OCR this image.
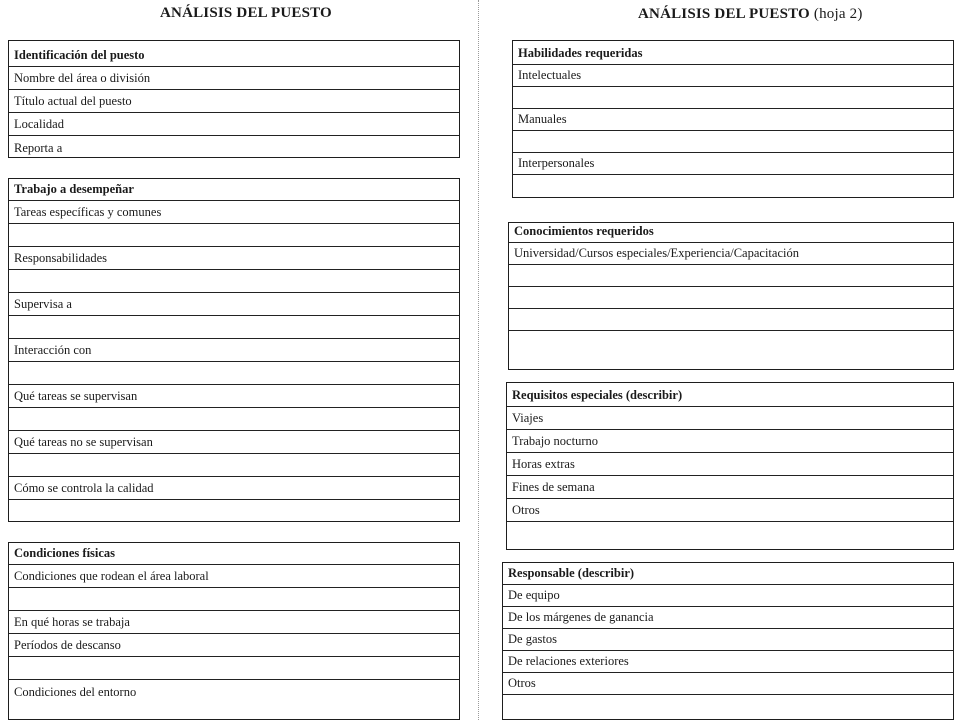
ANÁLISIS DEL PUESTO
Identificación del puesto
Nombre del área o división
Título actual del puesto
Localidad
Reporta a
Trabajo a desempeñar
Tareas específicas y comunes
Responsabilidades
Supervisa a
Interacción con
Qué tareas se supervisan
Qué tareas no se supervisan
Cómo se controla la calidad
Condiciones físicas
Condiciones que rodean el área laboral
En qué horas se trabaja
Períodos de descanso
Condiciones del entorno
ANÁLISIS DEL PUESTO (hoja 2)
Habilidades requeridas
Intelectuales
Manuales
Interpersonales
Conocimientos requeridos
Universidad/Cursos especiales/Experiencia/Capacitación
Requisitos especiales (describir)
Viajes
Trabajo nocturno
Horas extras
Fines de semana
Otros
Responsable (describir)
De equipo
De los márgenes de ganancia
De gastos
De relaciones exteriores
Otros
